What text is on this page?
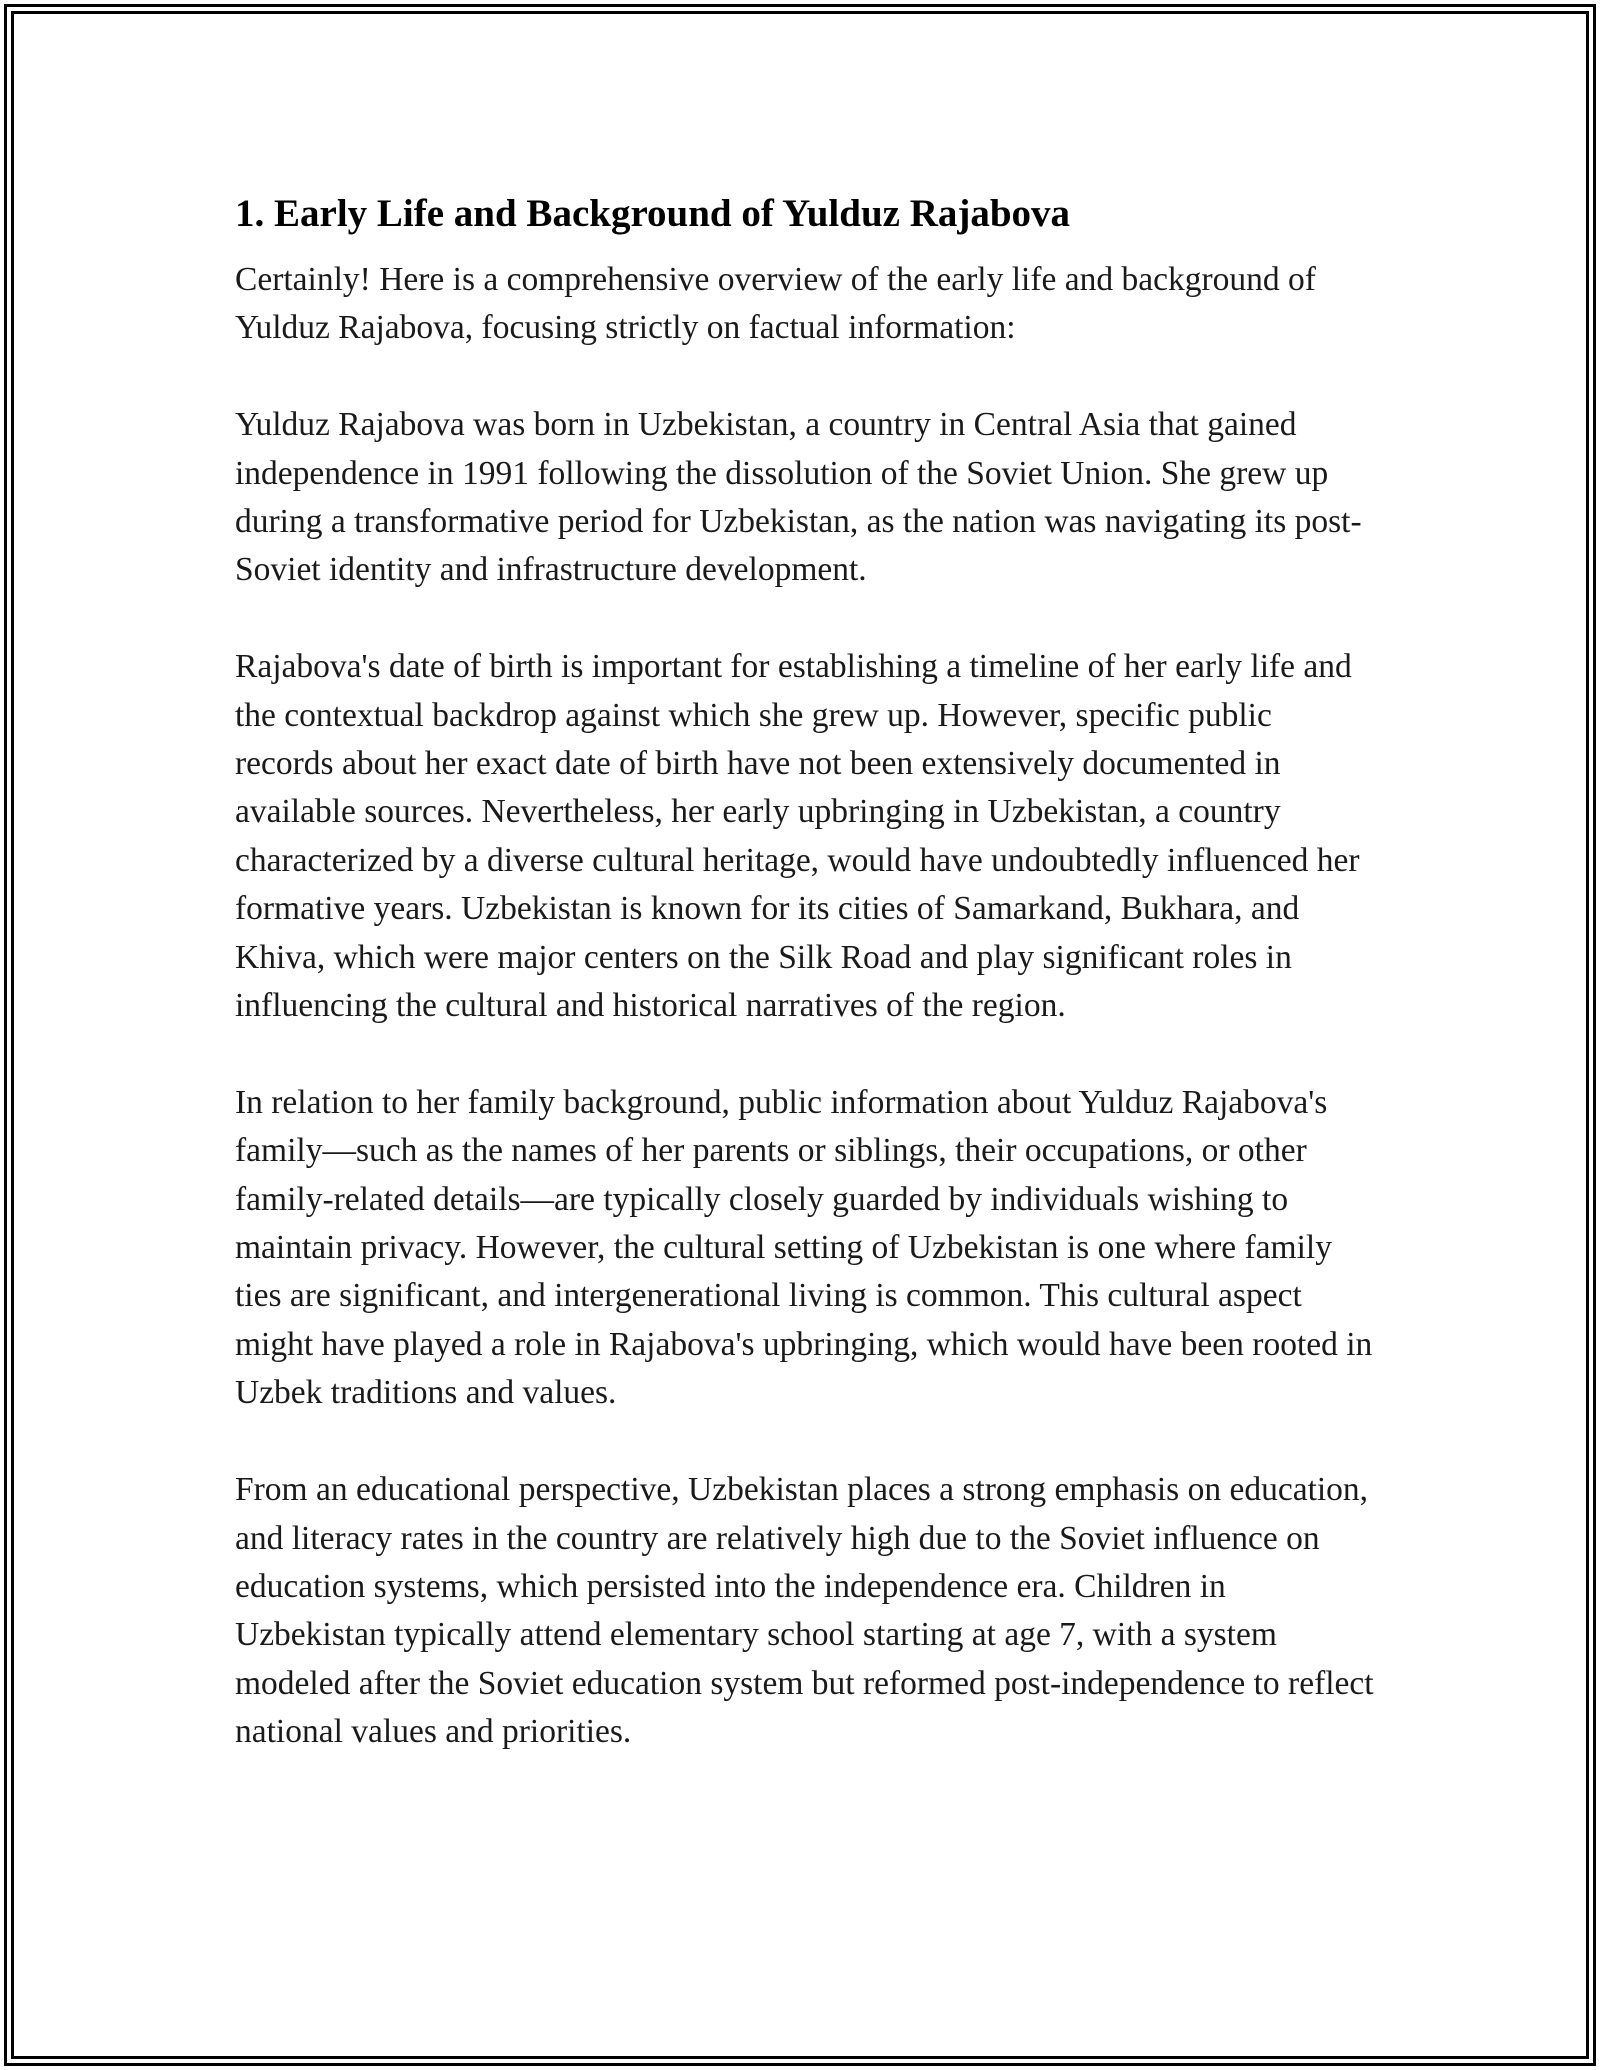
1. Early Life and Background of Yulduz Rajabova

Certainly! Here is a comprehensive overview of the early life and background of Yulduz Rajabova, focusing strictly on factual information:

Yulduz Rajabova was born in Uzbekistan, a country in Central Asia that gained independence in 1991 following the dissolution of the Soviet Union. She grew up during a transformative period for Uzbekistan, as the nation was navigating its post-Soviet identity and infrastructure development.

Rajabova's date of birth is important for establishing a timeline of her early life and the contextual backdrop against which she grew up. However, specific public records about her exact date of birth have not been extensively documented in available sources. Nevertheless, her early upbringing in Uzbekistan, a country characterized by a diverse cultural heritage, would have undoubtedly influenced her formative years. Uzbekistan is known for its cities of Samarkand, Bukhara, and Khiva, which were major centers on the Silk Road and play significant roles in influencing the cultural and historical narratives of the region.

In relation to her family background, public information about Yulduz Rajabova's family—such as the names of her parents or siblings, their occupations, or other family-related details—are typically closely guarded by individuals wishing to maintain privacy. However, the cultural setting of Uzbekistan is one where family ties are significant, and intergenerational living is common. This cultural aspect might have played a role in Rajabova's upbringing, which would have been rooted in Uzbek traditions and values.

From an educational perspective, Uzbekistan places a strong emphasis on education, and literacy rates in the country are relatively high due to the Soviet influence on education systems, which persisted into the independence era. Children in Uzbekistan typically attend elementary school starting at age 7, with a system modeled after the Soviet education system but reformed post-independence to reflect national values and priorities.
